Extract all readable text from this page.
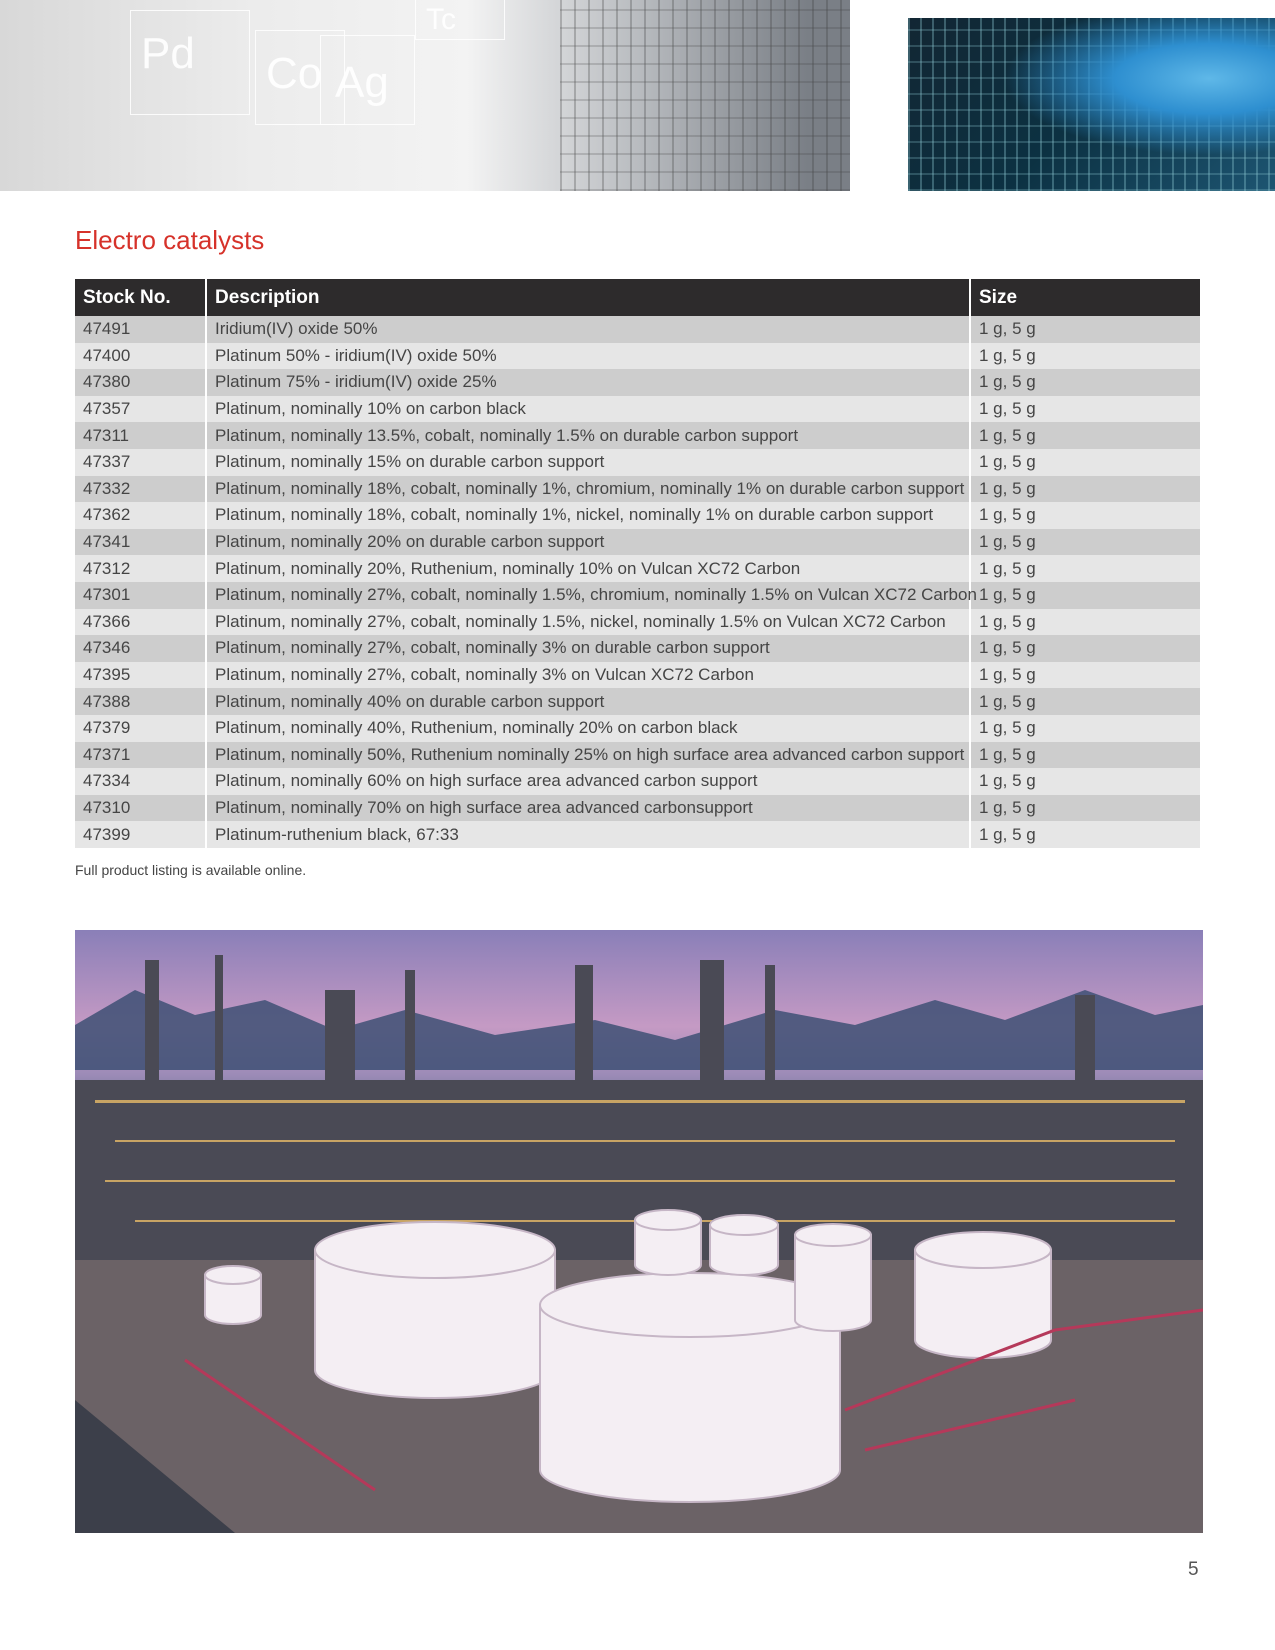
Pd Co Ag
Tc
Electro catalysts
Stock No.	Description	Size
47491	Iridium(IV) oxide 50%	1 g, 5 g
47400	Platinum 50% - iridium(IV) oxide 50%	1 g, 5 g
47380	Platinum 75% - iridium(IV) oxide 25%	1 g, 5 g
47357	Platinum, nominally 10% on carbon black	1 g, 5 g
47311	Platinum, nominally 13.5%, cobalt, nominally 1.5% on durable carbon support	1 g, 5 g
47337	Platinum, nominally 15% on durable carbon support	1 g, 5 g
47332	Platinum, nominally 18%, cobalt, nominally 1%, chromium, nominally 1% on durable carbon support	1 g, 5 g
47362	Platinum, nominally 18%, cobalt, nominally 1%, nickel, nominally 1% on durable carbon support	1 g, 5 g
47341	Platinum, nominally 20% on durable carbon support	1 g, 5 g
47312	Platinum, nominally 20%, Ruthenium, nominally 10% on Vulcan XC72 Carbon	1 g, 5 g
47301	Platinum, nominally 27%, cobalt, nominally 1.5%, chromium, nominally 1.5% on Vulcan XC72 Carbon	1 g, 5 g
47366	Platinum, nominally 27%, cobalt, nominally 1.5%, nickel, nominally 1.5% on Vulcan XC72 Carbon	1 g, 5 g
47346	Platinum, nominally 27%, cobalt, nominally 3% on durable carbon support	1 g, 5 g
47395	Platinum, nominally 27%, cobalt, nominally 3% on Vulcan XC72 Carbon	1 g, 5 g
47388	Platinum, nominally 40% on durable carbon support	1 g, 5 g
47379	Platinum, nominally 40%, Ruthenium, nominally 20% on carbon black	1 g, 5 g
47371	Platinum, nominally 50%, Ruthenium nominally 25% on high surface area advanced carbon support	1 g, 5 g
47334	Platinum, nominally 60% on high surface area advanced carbon support	1 g, 5 g
47310	Platinum, nominally 70% on high surface area advanced carbonsupport	1 g, 5 g
47399	Platinum-ruthenium black, 67:33	1 g, 5 g

Full product listing is available online.

5
